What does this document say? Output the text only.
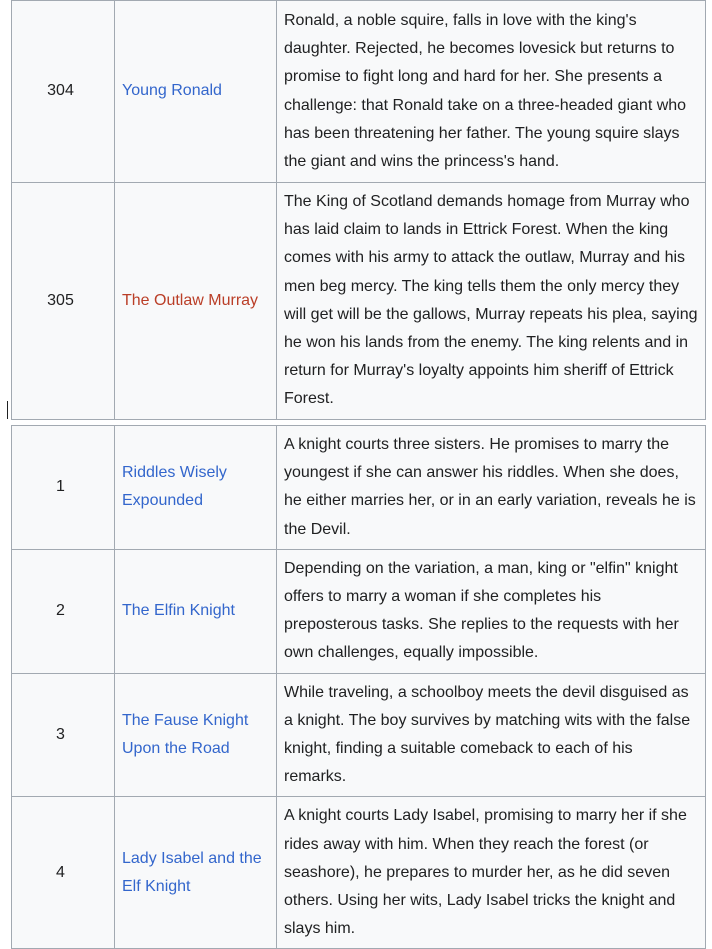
304	Young Ronald	Ronald, a noble squire, falls in love with the king's daughter. Rejected, he becomes lovesick but returns to promise to fight long and hard for her. She presents a challenge: that Ronald take on a three-headed giant who has been threatening her father. The young squire slays the giant and wins the princess's hand.
305	The Outlaw Murray	The King of Scotland demands homage from Murray who has laid claim to lands in Ettrick Forest. When the king comes with his army to attack the outlaw, Murray and his men beg mercy. The king tells them the only mercy they will get will be the gallows, Murray repeats his plea, saying he won his lands from the enemy. The king relents and in return for Murray's loyalty appoints him sheriff of Ettrick Forest.
1	Riddles Wisely Expounded	A knight courts three sisters. He promises to marry the youngest if she can answer his riddles. When she does, he either marries her, or in an early variation, reveals he is the Devil.
2	The Elfin Knight	Depending on the variation, a man, king or "elfin" knight offers to marry a woman if she completes his preposterous tasks. She replies to the requests with her own challenges, equally impossible.
3	The Fause Knight Upon the Road	While traveling, a schoolboy meets the devil disguised as a knight. The boy survives by matching wits with the false knight, finding a suitable comeback to each of his remarks.
4	Lady Isabel and the Elf Knight	A knight courts Lady Isabel, promising to marry her if she rides away with him. When they reach the forest (or seashore), he prepares to murder her, as he did seven others. Using her wits, Lady Isabel tricks the knight and slays him.
